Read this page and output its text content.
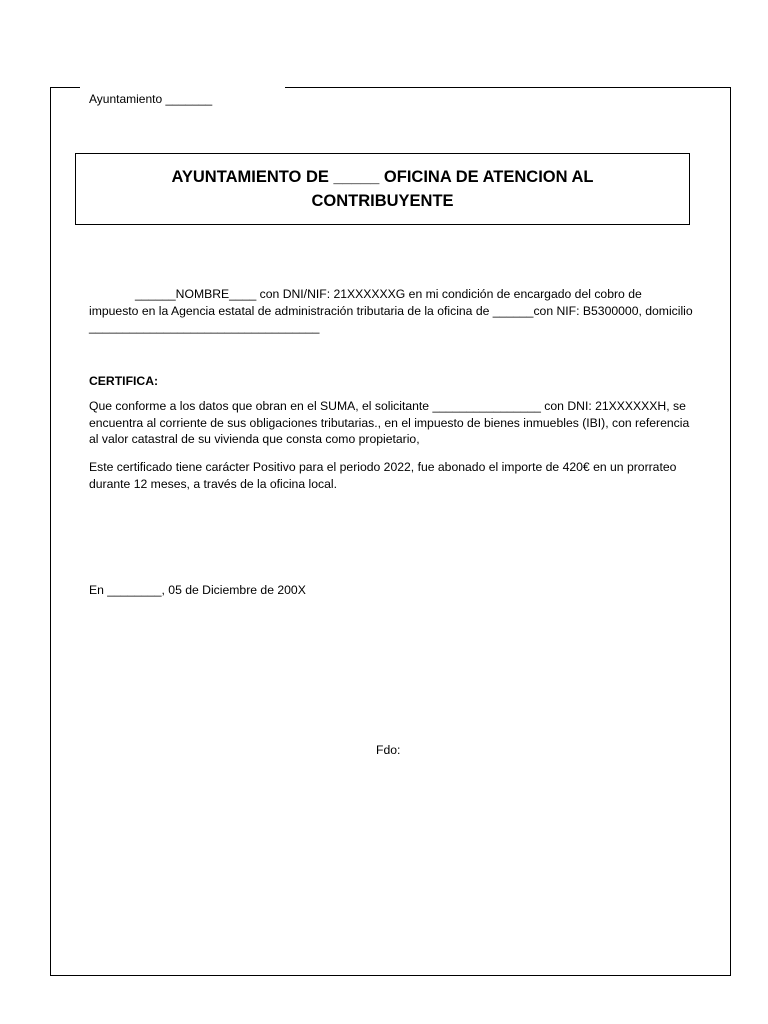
Ayuntamiento _______
AYUNTAMIENTO DE _____ OFICINA DE ATENCION AL CONTRIBUYENTE
______NOMBRE____ con DNI/NIF: 21XXXXXXG en mi condición de encargado del cobro de impuesto en la Agencia estatal de administración tributaria de la oficina de ______con NIF: B5300000, domicilio __________________________________
CERTIFICA:
Que conforme a los datos que obran en el SUMA, el solicitante ________________ con DNI: 21XXXXXXH, se encuentra al corriente de sus obligaciones tributarias., en el impuesto de bienes inmuebles (IBI), con referencia al valor catastral de su vivienda que consta como propietario,
Este certificado tiene carácter Positivo para el periodo 2022, fue abonado el importe de 420€ en un prorrateo durante 12 meses, a través de la oficina local.
En ________, 05 de Diciembre de 200X
Fdo:
